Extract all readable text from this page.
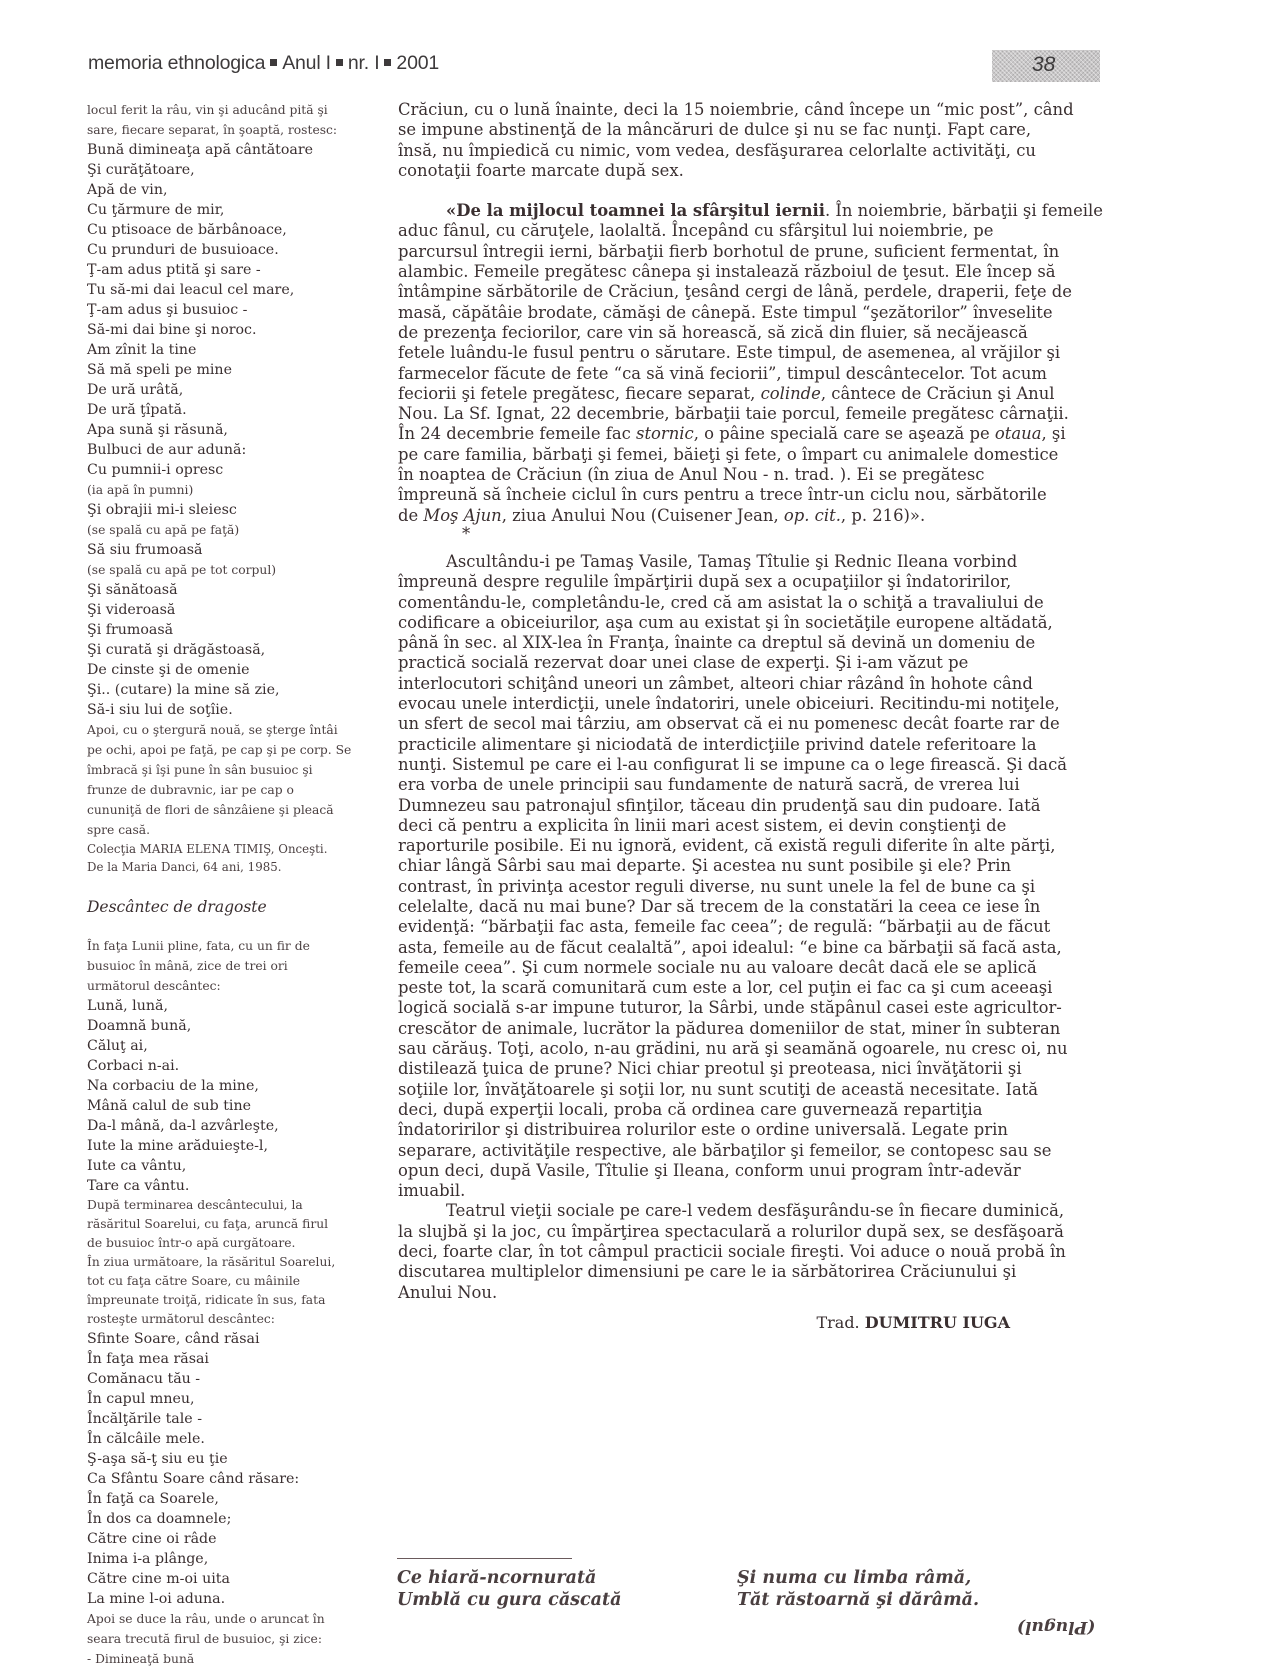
memoria ethnologica Anul I nr. I 2001	38
locul ferit la râu, vin şi aducând pită şi
sare, fiecare separat, în şoaptă, rostesc:
Bună dimineaţa apă cântătoare
Şi curăţătoare,
Apă de vin,
Cu ţărmure de mir,
Cu ptisoace de bărbânoace,
Cu prunduri de busuioace.
Ţ-am adus ptită şi sare -
Tu să-mi dai leacul cel mare,
Ţ-am adus şi busuioc -
Să-mi dai bine şi noroc.
Am zînit la tine
Să mă speli pe mine
De ură urâtă,
De ură ţîpată.
Apa sună şi răsună,
Bulbuci de aur adună:
Cu pumnii-i opresc
(ia apă în pumni)
Şi obrajii mi-i sleiesc
(se spală cu apă pe faţă)
Să siu frumoasă
(se spală cu apă pe tot corpul)
Şi sănătoasă
Şi videroasă
Şi frumoasă
Şi curată şi drăgăstoasă,
De cinste şi de omenie
Şi.. (cutare) la mine să zie,
Să-i siu lui de soţîie.
Apoi, cu o ştergură nouă, se şterge întâi
pe ochi, apoi pe faţă, pe cap şi pe corp. Se
îmbracă şi îşi pune în sân busuioc şi
frunze de dubravnic, iar pe cap o
cununiţă de flori de sânzâiene şi pleacă
spre casă.
Colecţia MARIA ELENA TIMIŞ, Onceşti.
De la Maria Danci, 64 ani, 1985.
Descântec de dragoste
În faţa Lunii pline, fata, cu un fir de
busuioc în mână, zice de trei ori
următorul descântec:
Lună, lună,
Doamnă bună,
Căluţ ai,
Corbaci n-ai.
Na corbaciu de la mine,
Mână calul de sub tine
Da-l mână, da-l azvârleşte,
Iute la mine arăduieşte-l,
Iute ca vântu,
Tare ca vântu.
După terminarea descântecului, la
răsăritul Soarelui, cu faţa, aruncă firul
de busuioc într-o apă curgătoare.
În ziua următoare, la răsăritul Soarelui,
tot cu faţa către Soare, cu mâinile
împreunate troiţă, ridicate în sus, fata
rosteşte următorul descântec:
Sfinte Soare, când răsai
În faţa mea răsai
Comănacu tău -
În capul mneu,
Încălţările tale -
În călcâile mele.
Ş-aşa să-ţ siu eu ţie
Ca Sfântu Soare când răsare:
În faţă ca Soarele,
În dos ca doamnele;
Către cine oi râde
Inima i-a plânge,
Către cine m-oi uita
La mine l-oi aduna.
Apoi se duce la râu, unde o aruncat în
seara trecută firul de busuioc, şi zice:
- Dimineaţă bună
Crăciun, cu o lună înainte, deci la 15 noiembrie, când începe un “mic post”, când
se impune abstinenţă de la mâncăruri de dulce şi nu se fac nunţi. Fapt care,
însă, nu împiedică cu nimic, vom vedea, desfăşurarea celorlalte activităţi, cu
conotaţii foarte marcate după sex.
«De la mijlocul toamnei la sfârşitul iernii. În noiembrie, bărbaţii şi femeile
aduc fânul, cu căruţele, laolaltă. Începând cu sfârşitul lui noiembrie, pe
parcursul întregii ierni, bărbaţii fierb borhotul de prune, suficient fermentat, în
alambic. Femeile pregătesc cânepa şi instalează războiul de ţesut. Ele încep să
întâmpine sărbătorile de Crăciun, ţesând cergi de lână, perdele, draperii, feţe de
masă, căpătâie brodate, cămăşi de cânepă. Este timpul “şezătorilor” înveselite
de prezenţa feciorilor, care vin să horească, să zică din fluier, să necăjească
fetele luându-le fusul pentru o sărutare. Este timpul, de asemenea, al vrăjilor şi
farmecelor făcute de fete “ca să vină feciorii”, timpul descântecelor. Tot acum
feciorii şi fetele pregătesc, fiecare separat, colinde, cântece de Crăciun şi Anul
Nou. La Sf. Ignat, 22 decembrie, bărbaţii taie porcul, femeile pregătesc cârnaţii.
În 24 decembrie femeile fac stornic, o pâine specială care se aşează pe otaua, şi
pe care familia, bărbaţi şi femei, băieţi şi fete, o împart cu animalele domestice
în noaptea de Crăciun (în ziua de Anul Nou - n. trad. ). Ei se pregătesc
împreună să încheie ciclul în curs pentru a trece într-un ciclu nou, sărbătorile
de Moş Ajun, ziua Anului Nou (Cuisener Jean, op. cit., p. 216)».
*
Ascultându-i pe Tamaş Vasile, Tamaş Tîtulie şi Rednic Ileana vorbind
împreună despre regulile împărţirii după sex a ocupaţiilor şi îndatoririlor,
comentându-le, completându-le, cred că am asistat la o schiţă a travaliului de
codificare a obiceiurilor, aşa cum au existat şi în societăţile europene altădată,
până în sec. al XIX-lea în Franţa, înainte ca dreptul să devină un domeniu de
practică socială rezervat doar unei clase de experţi. Şi i-am văzut pe
interlocutori schiţând uneori un zâmbet, alteori chiar râzând în hohote când
evocau unele interdicţii, unele îndatoriri, unele obiceiuri. Recitindu-mi notiţele,
un sfert de secol mai târziu, am observat că ei nu pomenesc decât foarte rar de
practicile alimentare şi niciodată de interdicţiile privind datele referitoare la
nunţi. Sistemul pe care ei l-au configurat li se impune ca o lege firească. Şi dacă
era vorba de unele principii sau fundamente de natură sacră, de vrerea lui
Dumnezeu sau patronajul sfinţilor, tăceau din prudenţă sau din pudoare. Iată
deci că pentru a explicita în linii mari acest sistem, ei devin conştienţi de
raporturile posibile. Ei nu ignoră, evident, că există reguli diferite în alte părţi,
chiar lângă Sârbi sau mai departe. Şi acestea nu sunt posibile şi ele? Prin
contrast, în privinţa acestor reguli diverse, nu sunt unele la fel de bune ca şi
celelalte, dacă nu mai bune? Dar să trecem de la constatări la ceea ce iese în
evidenţă: “bărbaţii fac asta, femeile fac ceea”; de regulă: “bărbaţii au de făcut
asta, femeile au de făcut cealaltă”, apoi idealul: “e bine ca bărbaţii să facă asta,
femeile ceea”. Şi cum normele sociale nu au valoare decât dacă ele se aplică
peste tot, la scară comunitară cum este a lor, cel puţin ei fac ca şi cum aceeaşi
logică socială s-ar impune tuturor, la Sârbi, unde stăpânul casei este agricultor-
crescător de animale, lucrător la pădurea domeniilor de stat, miner în subteran
sau cărăuş. Toţi, acolo, n-au grădini, nu ară şi seamănă ogoarele, nu cresc oi, nu
distilează ţuica de prune? Nici chiar preotul şi preoteasa, nici învăţătorii şi
soţiile lor, învăţătoarele şi soţii lor, nu sunt scutiţi de această necesitate. Iată
deci, după experţii locali, proba că ordinea care guvernează repartiţia
îndatoririlor şi distribuirea rolurilor este o ordine universală. Legate prin
separare, activităţile respective, ale bărbaţilor şi femeilor, se contopesc sau se
opun deci, după Vasile, Tîtulie şi Ileana, conform unui program într-adevăr
imuabil.
Teatrul vieţii sociale pe care-l vedem desfăşurându-se în fiecare duminică,
la slujbă şi la joc, cu împărţirea spectaculară a rolurilor după sex, se desfăşoară
deci, foarte clar, în tot câmpul practicii sociale fireşti. Voi aduce o nouă probă în
discutarea multiplelor dimensiuni pe care le ia sărbătorirea Crăciunului şi
Anului Nou.
Trad. DUMITRU IUGA
Ce hiară-ncornurată
Umblă cu gura căscată
Şi numa cu limba râmă,
Tăt răstoarnă şi dărâmă.
(Plugul)
